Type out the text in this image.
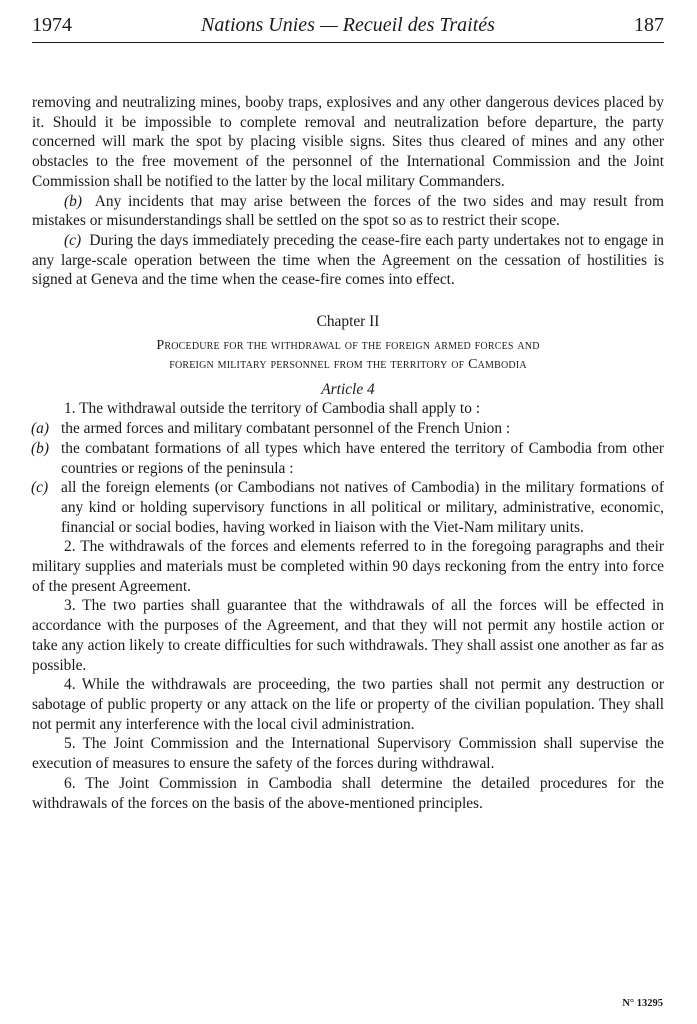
1974	Nations Unies — Recueil des Traités	187

removing and neutralizing mines, booby traps, explosives and any other dangerous devices placed by it. Should it be impossible to complete removal and neutralization before departure, the party concerned will mark the spot by placing visible signs. Sites thus cleared of mines and any other obstacles to the free movement of the personnel of the International Commission and the Joint Commission shall be notified to the latter by the local military Commanders.

(b) Any incidents that may arise between the forces of the two sides and may result from mistakes or misunderstandings shall be settled on the spot so as to restrict their scope.

(c) During the days immediately preceding the cease-fire each party undertakes not to engage in any large-scale operation between the time when the Agreement on the cessation of hostilities is signed at Geneva and the time when the cease-fire comes into effect.

Chapter II
Procedure for the withdrawal of the foreign armed forces and
foreign military personnel from the territory of Cambodia
Article 4

1. The withdrawal outside the territory of Cambodia shall apply to :

(a) the armed forces and military combatant personnel of the French Union :
(b) the combatant formations of all types which have entered the territory of Cambodia from other countries or regions of the peninsula :
(c) all the foreign elements (or Cambodians not natives of Cambodia) in the military formations of any kind or holding supervisory functions in all political or military, administrative, economic, financial or social bodies, having worked in liaison with the Viet-Nam military units.

2. The withdrawals of the forces and elements referred to in the foregoing paragraphs and their military supplies and materials must be completed within 90 days reckoning from the entry into force of the present Agreement.

3. The two parties shall guarantee that the withdrawals of all the forces will be effected in accordance with the purposes of the Agreement, and that they will not permit any hostile action or take any action likely to create difficulties for such withdrawals. They shall assist one another as far as possible.

4. While the withdrawals are proceeding, the two parties shall not permit any destruction or sabotage of public property or any attack on the life or property of the civilian population. They shall not permit any interference with the local civil administration.

5. The Joint Commission and the International Supervisory Commission shall supervise the execution of measures to ensure the safety of the forces during withdrawal.

6. The Joint Commission in Cambodia shall determine the detailed procedures for the withdrawals of the forces on the basis of the above-mentioned principles.

N° 13295
